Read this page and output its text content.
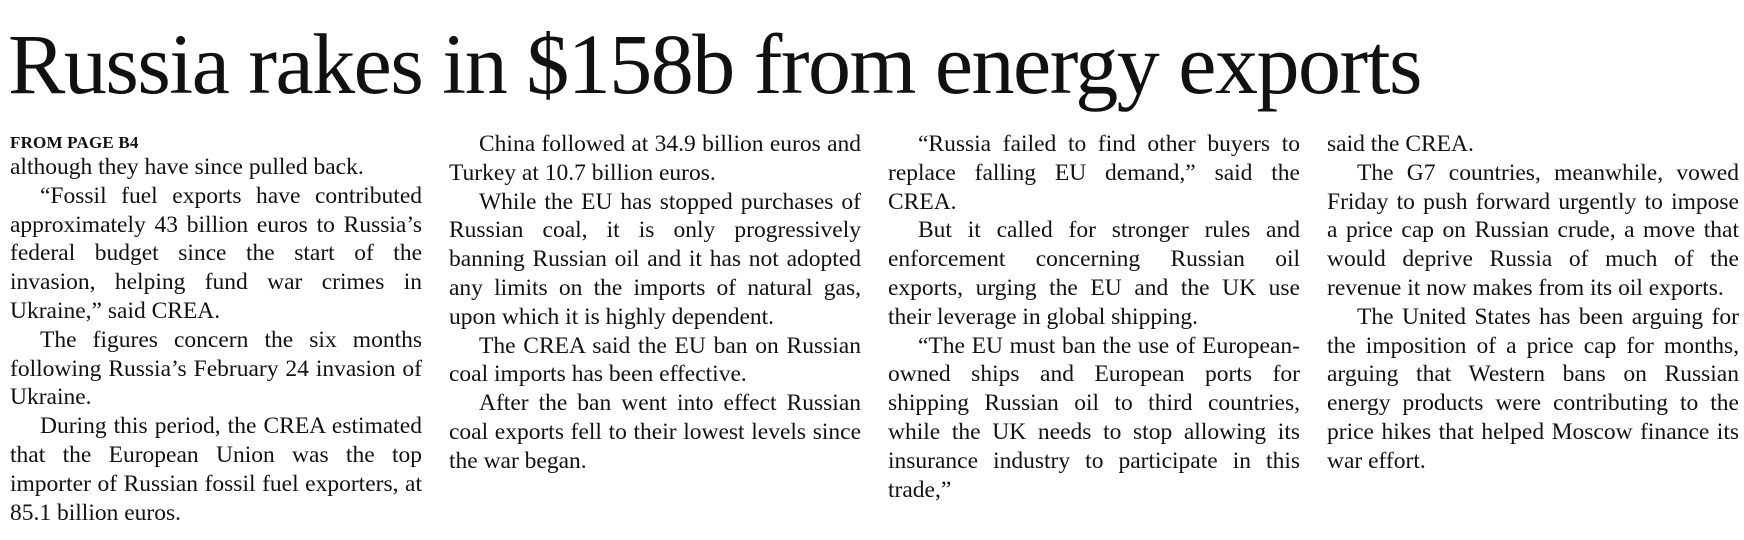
Russia rakes in $158b from energy exports
FROM PAGE B4

although they have since pulled back.

“Fossil fuel exports have contributed approximately 43 billion euros to Russia’s federal budget since the start of the invasion, helping fund war crimes in Ukraine,” said CREA.

The figures concern the six months following Russia’s February 24 invasion of Ukraine.

During this period, the CREA estimated that the European Union was the top importer of Russian fossil fuel exporters, at 85.1 billion euros.

China followed at 34.9 billion euros and Turkey at 10.7 billion euros.

While the EU has stopped purchases of Russian coal, it is only progressively banning Russian oil and it has not adopted any limits on the imports of natural gas, upon which it is highly dependent.

The CREA said the EU ban on Russian coal imports has been effective.

After the ban went into effect Russian coal exports fell to their lowest levels since the war began.

“Russia failed to find other buyers to replace falling EU demand,” said the CREA.

But it called for stronger rules and enforcement concerning Russian oil exports, urging the EU and the UK use their leverage in global shipping.

“The EU must ban the use of European-owned ships and European ports for shipping Russian oil to third countries, while the UK needs to stop allowing its insurance industry to participate in this trade,”

said the CREA.

The G7 countries, meanwhile, vowed Friday to push forward urgently to impose a price cap on Russian crude, a move that would deprive Russia of much of the revenue it now makes from its oil exports.

The United States has been arguing for the imposition of a price cap for months, arguing that Western bans on Russian energy products were contributing to the price hikes that helped Moscow finance its war effort.
